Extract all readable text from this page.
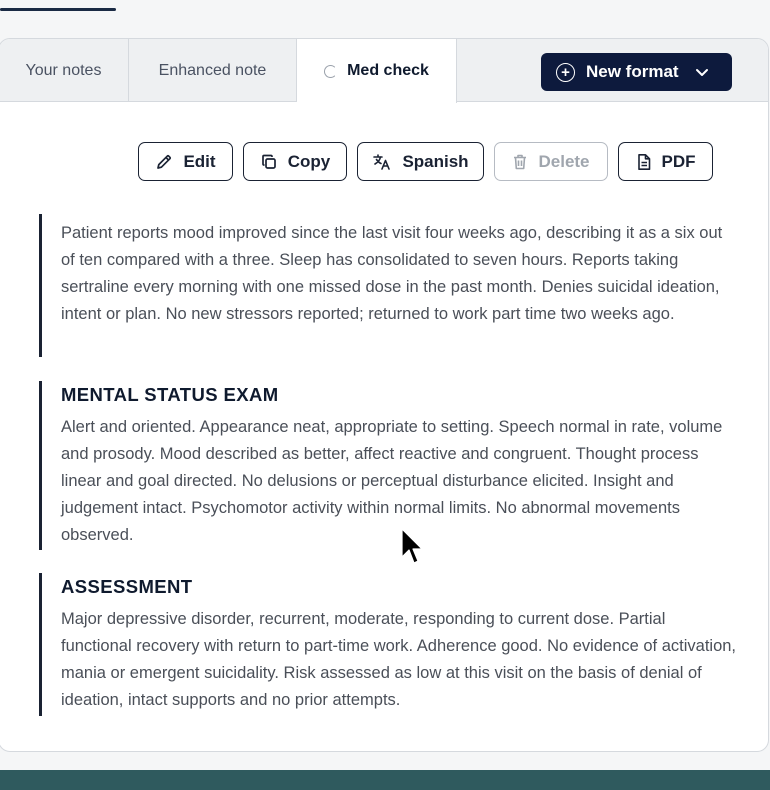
Your notes	Enhanced note	Med check	+ New format
Edit	Copy	Spanish	Delete	PDF

Patient reports mood improved since the last visit four weeks ago, describing it as a six out of ten compared with a three. Sleep has consolidated to seven hours. Reports taking sertraline every morning with one missed dose in the past month. Denies suicidal ideation, intent or plan. No new stressors reported; returned to work part time two weeks ago.

MENTAL STATUS EXAM

Alert and oriented. Appearance neat, appropriate to setting. Speech normal in rate, volume and prosody. Mood described as better, affect reactive and congruent. Thought process linear and goal directed. No delusions or perceptual disturbance elicited. Insight and judgement intact. Psychomotor activity within normal limits. No abnormal movements observed.

ASSESSMENT

Major depressive disorder, recurrent, moderate, responding to current dose. Partial functional recovery with return to part-time work. Adherence good. No evidence of activation, mania or emergent suicidality. Risk assessed as low at this visit on the basis of denial of ideation, intact supports and no prior attempts.
